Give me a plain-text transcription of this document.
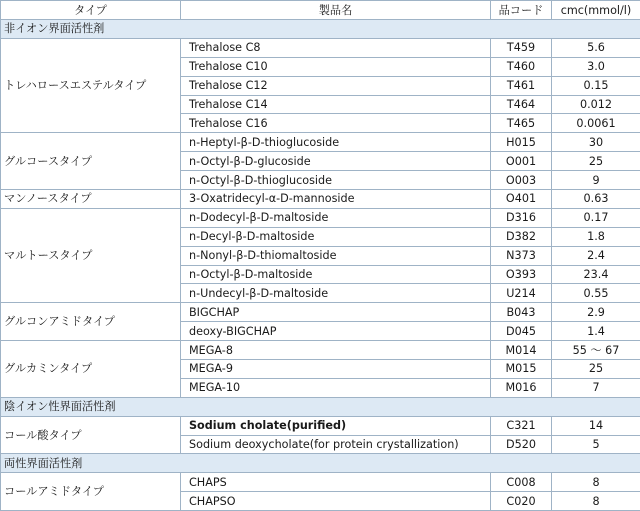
タイプ	製品名	品コード	cmc(mmol/l)
非イオン界面活性剤			
トレハロースエステルタイプ	Trehalose C8	T459	5.6
	Trehalose C10	T460	3.0
	Trehalose C12	T461	0.15
	Trehalose C14	T464	0.012
	Trehalose C16	T465	0.0061
グルコースタイプ	n-Heptyl-β-D-thioglucoside	H015	30
	n-Octyl-β-D-glucoside	O001	25
	n-Octyl-β-D-thioglucoside	O003	9
マンノースタイプ	3-Oxatridecyl-α-D-mannoside	O401	0.63
マルトースタイプ	n-Dodecyl-β-D-maltoside	D316	0.17
	n-Decyl-β-D-maltoside	D382	1.8
	n-Nonyl-β-D-thiomaltoside	N373	2.4
	n-Octyl-β-D-maltoside	O393	23.4
	n-Undecyl-β-D-maltoside	U214	0.55
グルコンアミドタイプ	BIGCHAP	B043	2.9
	deoxy-BIGCHAP	D045	1.4
グルカミンタイプ	MEGA-8	M014	55 ～ 67
	MEGA-9	M015	25
	MEGA-10	M016	7
陰イオン性界面活性剤			
コール酸タイプ	Sodium cholate(purified)	C321	14
	Sodium deoxycholate(for protein crystallization)	D520	5
両性界面活性剤			
コールアミドタイプ	CHAPS	C008	8
	CHAPSO	C020	8
